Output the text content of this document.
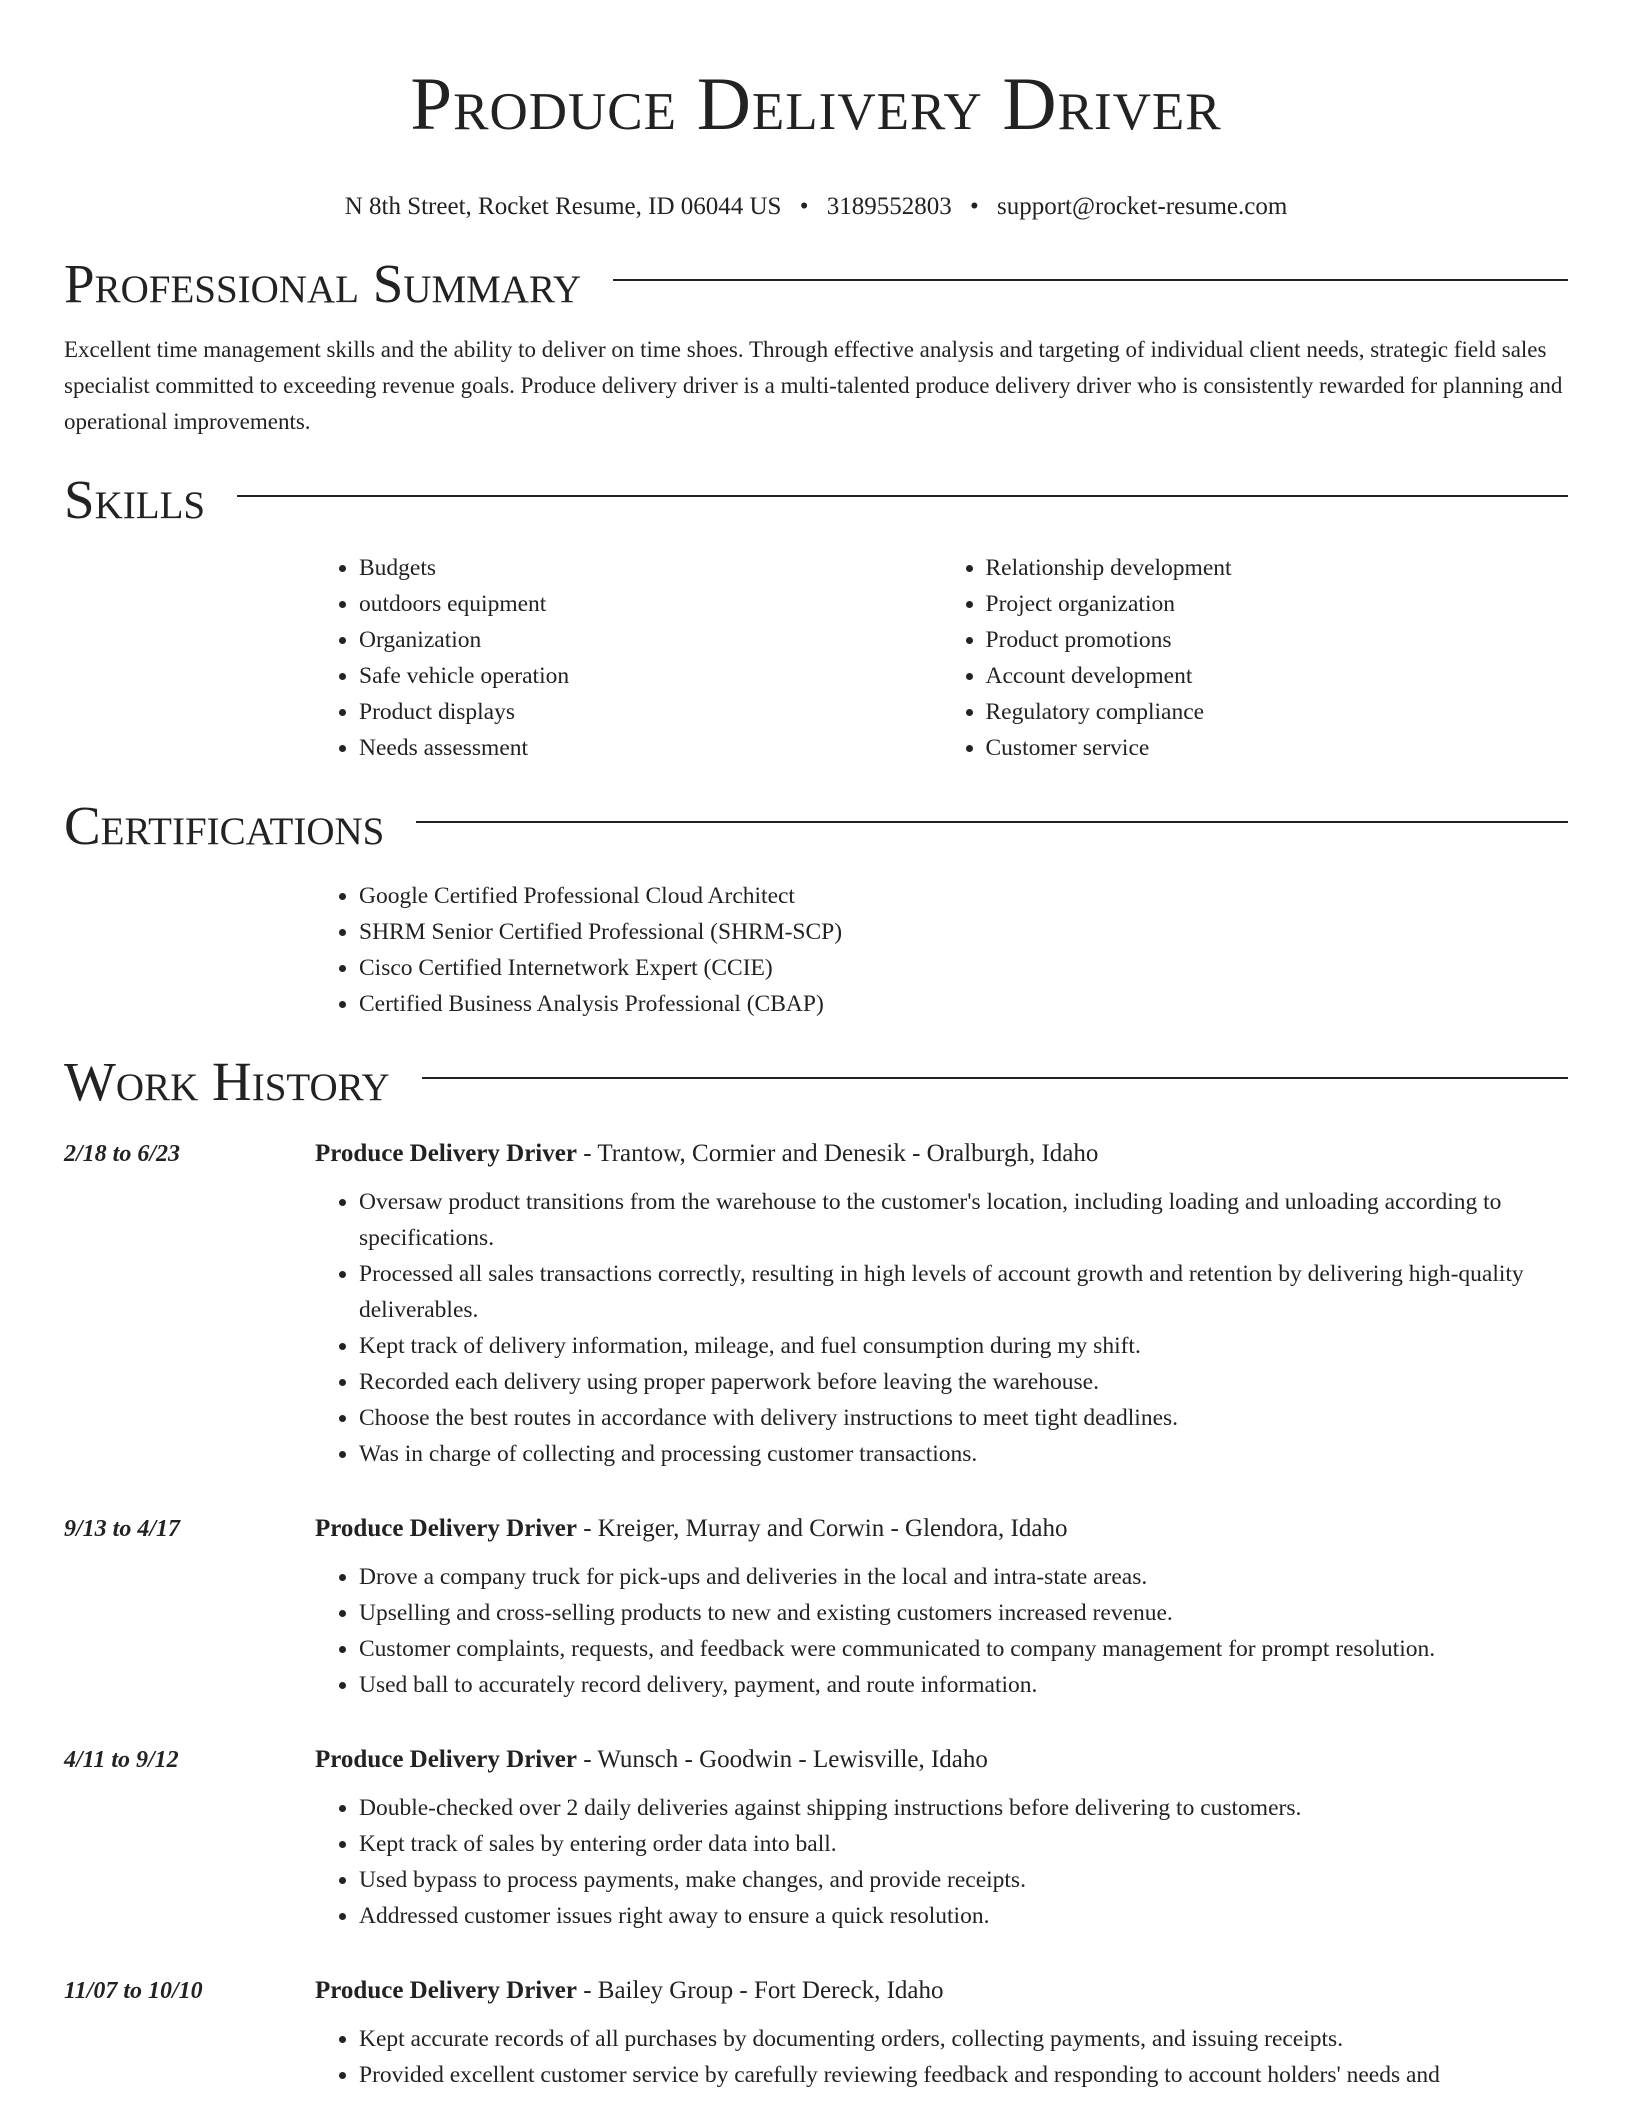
Produce Delivery Driver
N 8th Street, Rocket Resume, ID 06044 US • 3189552803 • support@rocket-resume.com
Professional Summary

Excellent time management skills and the ability to deliver on time shoes. Through effective analysis and targeting of individual client needs, strategic field sales specialist committed to exceeding revenue goals. Produce delivery driver is a multi-talented produce delivery driver who is consistently rewarded for planning and operational improvements.

Skills
• Budgets
• outdoors equipment
• Organization
• Safe vehicle operation
• Product displays
• Needs assessment
• Relationship development
• Project organization
• Product promotions
• Account development
• Regulatory compliance
• Customer service
Certifications
• Google Certified Professional Cloud Architect
• SHRM Senior Certified Professional (SHRM-SCP)
• Cisco Certified Internetwork Expert (CCIE)
• Certified Business Analysis Professional (CBAP)
Work History
2/18 to 6/23	Produce Delivery Driver - Trantow, Cormier and Denesik - Oralburgh, Idaho
• Oversaw product transitions from the warehouse to the customer's location, including loading and unloading according to specifications.
• Processed all sales transactions correctly, resulting in high levels of account growth and retention by delivering high-quality deliverables.
• Kept track of delivery information, mileage, and fuel consumption during my shift.
• Recorded each delivery using proper paperwork before leaving the warehouse.
• Choose the best routes in accordance with delivery instructions to meet tight deadlines.
• Was in charge of collecting and processing customer transactions.
9/13 to 4/17	Produce Delivery Driver - Kreiger, Murray and Corwin - Glendora, Idaho
• Drove a company truck for pick-ups and deliveries in the local and intra-state areas.
• Upselling and cross-selling products to new and existing customers increased revenue.
• Customer complaints, requests, and feedback were communicated to company management for prompt resolution.
• Used ball to accurately record delivery, payment, and route information.
4/11 to 9/12	Produce Delivery Driver - Wunsch - Goodwin - Lewisville, Idaho
• Double-checked over 2 daily deliveries against shipping instructions before delivering to customers.
• Kept track of sales by entering order data into ball.
• Used bypass to process payments, make changes, and provide receipts.
• Addressed customer issues right away to ensure a quick resolution.
11/07 to 10/10	Produce Delivery Driver - Bailey Group - Fort Dereck, Idaho
• Kept accurate records of all purchases by documenting orders, collecting payments, and issuing receipts.
• Provided excellent customer service by carefully reviewing feedback and responding to account holders' needs and
